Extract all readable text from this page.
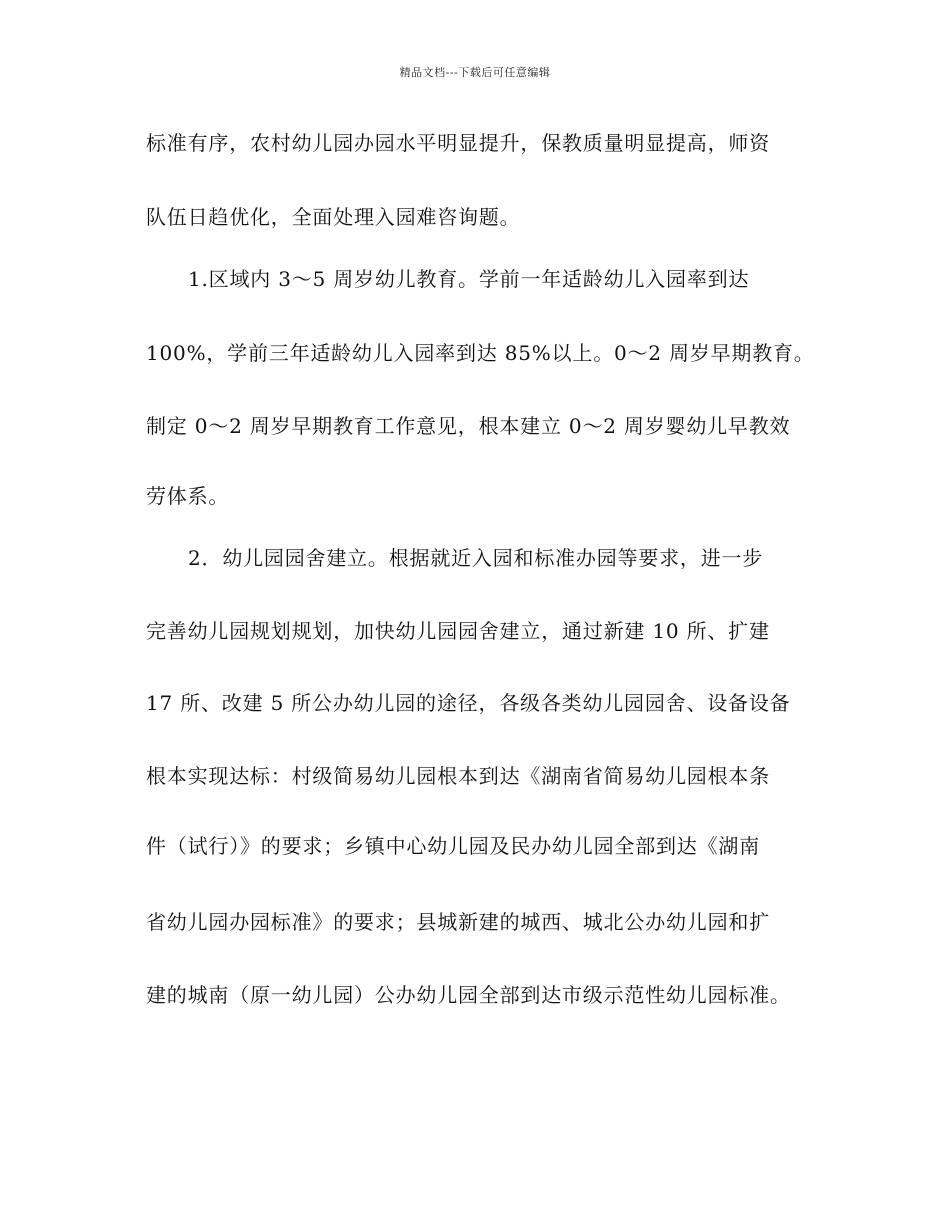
精品文档---下载后可任意编辑
标准有序，农村幼儿园办园水平明显提升，保教质量明显提高，师资
队伍日趋优化，全面处理入园难咨询题。
1.区域内 3～5 周岁幼儿教育。学前一年适龄幼儿入园率到达
100%，学前三年适龄幼儿入园率到达 85%以上。0～2 周岁早期教育。
制定 0～2 周岁早期教育工作意见，根本建立 0～2 周岁婴幼儿早教效
劳体系。
2．幼儿园园舍建立。根据就近入园和标准办园等要求，进一步
完善幼儿园规划规划，加快幼儿园园舍建立，通过新建 10 所、扩建
17 所、改建 5 所公办幼儿园的途径，各级各类幼儿园园舍、设备设备
根本实现达标：村级简易幼儿园根本到达《湖南省简易幼儿园根本条
件（试行）》的要求；乡镇中心幼儿园及民办幼儿园全部到达《湖南
省幼儿园办园标准》的要求；县城新建的城西、城北公办幼儿园和扩
建的城南（原一幼儿园）公办幼儿园全部到达市级示范性幼儿园标准。
